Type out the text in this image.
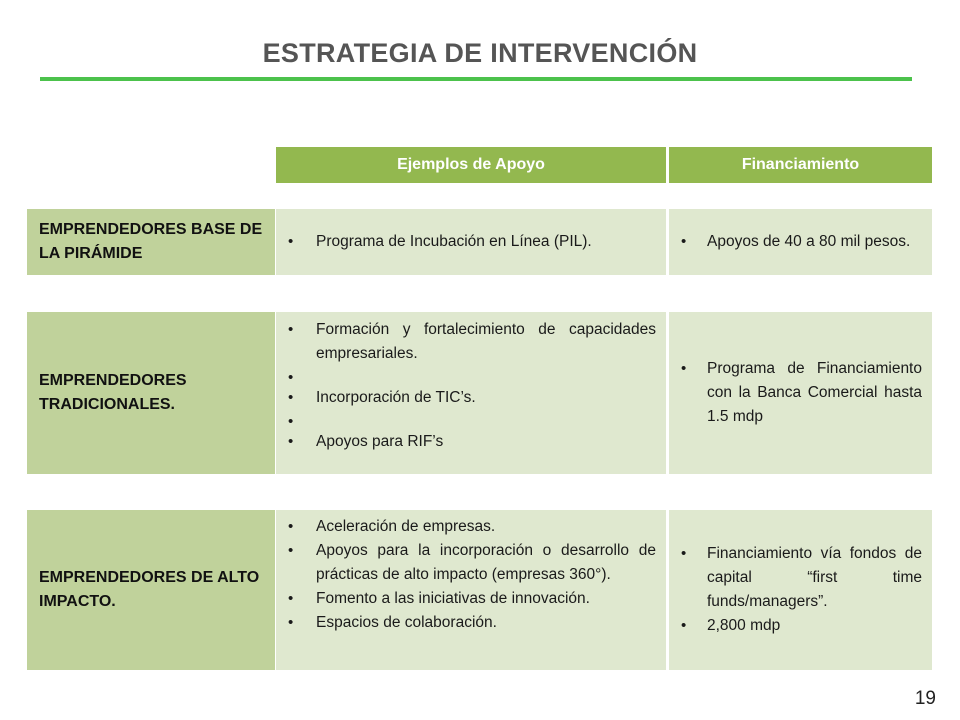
ESTRATEGIA DE INTERVENCIÓN
Ejemplos de Apoyo	Financiamiento
EMPRENDEDORES BASE DE LA PIRÁMIDE
• Programa de Incubación en Línea (PIL).
•	Apoyos de 40 a 80 mil pesos.
EMPRENDEDORES TRADICIONALES.
• Formación y fortalecimiento de capacidades empresariales.
•
• Incorporación de TIC’s.
•
• Apoyos para RIF’s
• Programa de Financiamiento con la Banca Comercial hasta 1.5 mdp
EMPRENDEDORES DE ALTO IMPACTO.
• Aceleración de empresas.
• Apoyos para la incorporación o desarrollo de prácticas de alto impacto (empresas 360°).
• Fomento a las iniciativas de innovación.
• Espacios de colaboración.
• Financiamiento vía fondos de capital “first time funds/managers”.
• 2,800 mdp
19
